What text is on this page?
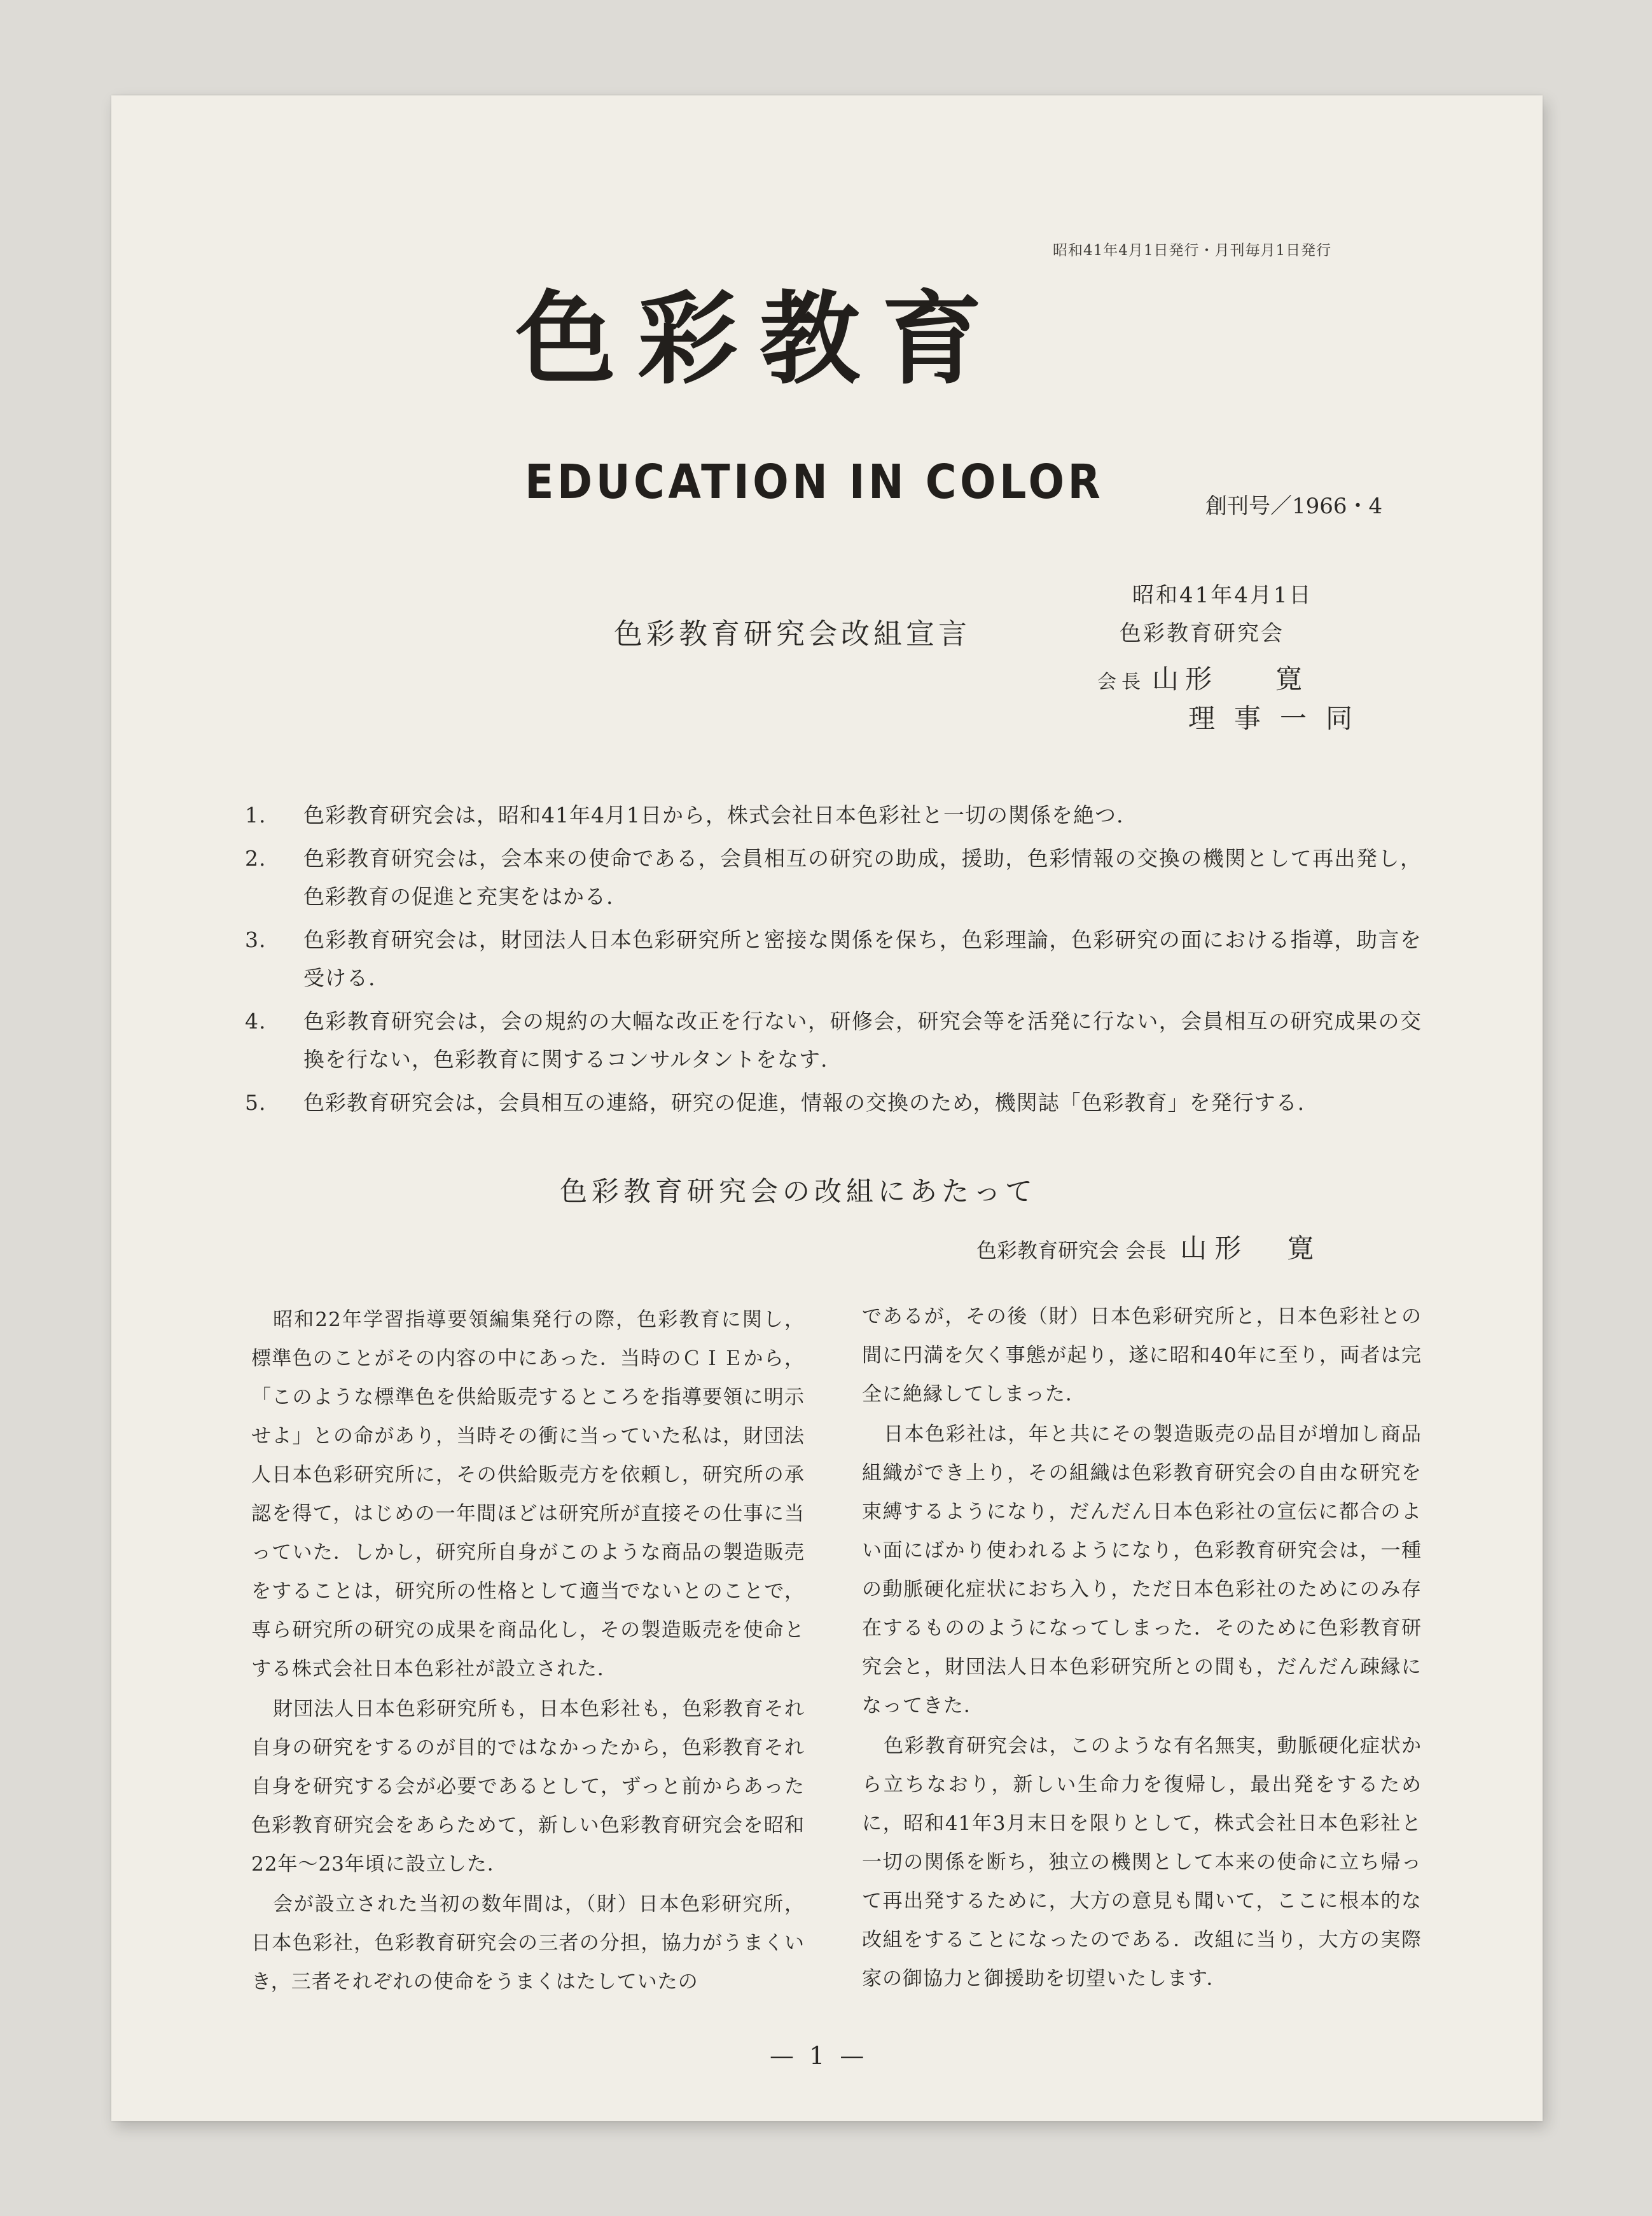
昭和41年4月1日発行・月刊毎月1日発行
色彩教育
EDUCATION IN COLOR	創刊号／1966・4
色彩教育研究会改組宣言
昭和41年4月1日
色彩教育研究会
会長 山形 寛
理事一同
1.	色彩教育研究会は，昭和41年4月1日から，株式会社日本色彩社と一切の関係を絶つ.
2.	色彩教育研究会は，会本来の使命である，会員相互の研究の助成，援助，色彩情報の交換の機関として再出発し，色彩教育の促進と充実をはかる.
3.	色彩教育研究会は，財団法人日本色彩研究所と密接な関係を保ち，色彩理論，色彩研究の面における指導，助言を受ける.
4.	色彩教育研究会は，会の規約の大幅な改正を行ない，研修会，研究会等を活発に行ない，会員相互の研究成果の交換を行ない，色彩教育に関するコンサルタントをなす.
5.	色彩教育研究会は，会員相互の連絡，研究の促進，情報の交換のため，機関誌「色彩教育」を発行する.
色彩教育研究会の改組にあたって
色彩教育研究会 会長 山形 寛

昭和22年学習指導要領編集発行の際，色彩教育に関し，標準色のことがその内容の中にあった．当時のＣＩＥから，「このような標準色を供給販売するところを指導要領に明示せよ」との命があり，当時その衝に当っていた私は，財団法人日本色彩研究所に，その供給販売方を依頼し，研究所の承認を得て，はじめの一年間ほどは研究所が直接その仕事に当っていた．しかし，研究所自身がこのような商品の製造販売をすることは，研究所の性格として適当でないとのことで，専ら研究所の研究の成果を商品化し，その製造販売を使命とする株式会社日本色彩社が設立された．

財団法人日本色彩研究所も，日本色彩社も，色彩教育それ自身の研究をするのが目的ではなかったから，色彩教育それ自身を研究する会が必要であるとして，ずっと前からあった色彩教育研究会をあらためて，新しい色彩教育研究会を昭和22年～23年頃に設立した．

会が設立された当初の数年間は，（財）日本色彩研究所，日本色彩社，色彩教育研究会の三者の分担，協力がうまくいき，三者それぞれの使命をうまくはたしていたの

であるが，その後（財）日本色彩研究所と，日本色彩社との間に円満を欠く事態が起り，遂に昭和40年に至り，両者は完全に絶縁してしまった．

日本色彩社は，年と共にその製造販売の品目が増加し商品組織ができ上り，その組織は色彩教育研究会の自由な研究を束縛するようになり，だんだん日本色彩社の宣伝に都合のよい面にばかり使われるようになり，色彩教育研究会は，一種の動脈硬化症状におち入り，ただ日本色彩社のためにのみ存在するもののようになってしまった．そのために色彩教育研究会と，財団法人日本色彩研究所との間も，だんだん疎縁になってきた．

色彩教育研究会は，このような有名無実，動脈硬化症状から立ちなおり，新しい生命力を復帰し，最出発をするために，昭和41年3月末日を限りとして，株式会社日本色彩社と一切の関係を断ち，独立の機関として本来の使命に立ち帰って再出発するために，大方の意見も聞いて，ここに根本的な改組をすることになったのである．改組に当り，大方の実際家の御協力と御援助を切望いたします．

— 1 —
